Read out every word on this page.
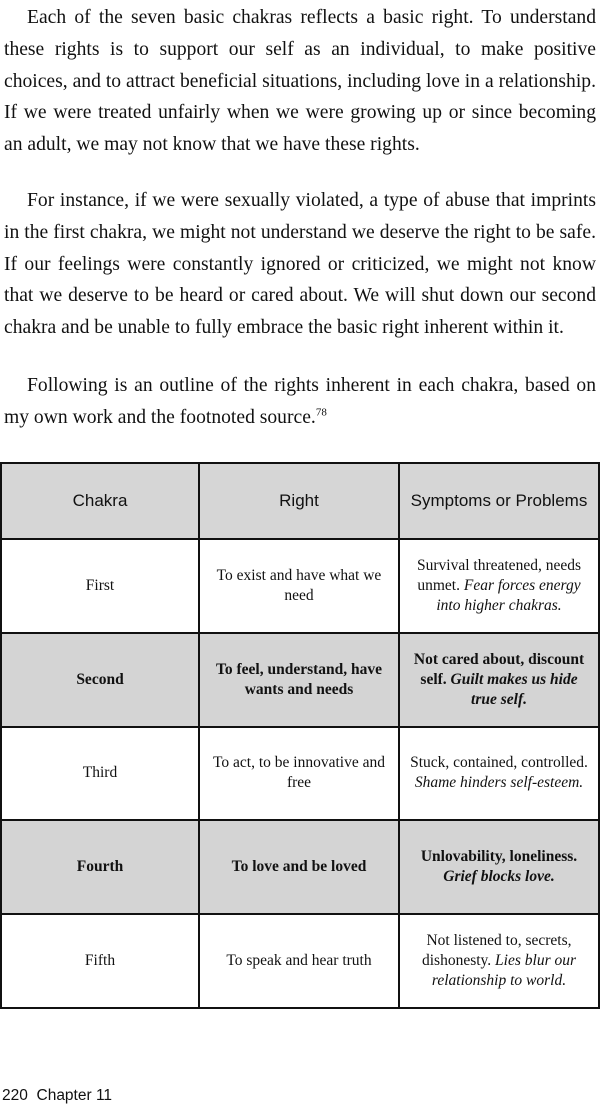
Each of the seven basic chakras reflects a basic right. To understand these rights is to support our self as an individual, to make positive choices, and to attract beneficial situations, including love in a relationship. If we were treated unfairly when we were growing up or since becoming an adult, we may not know that we have these rights.

For instance, if we were sexually violated, a type of abuse that imprints in the first chakra, we might not understand we deserve the right to be safe. If our feelings were constantly ignored or criticized, we might not know that we deserve to be heard or cared about. We will shut down our second chakra and be unable to fully embrace the basic right inherent within it.

Following is an outline of the rights inherent in each chakra, based on my own work and the footnoted source.$^{78}$

Chakra	Right	Symptoms or Problems
First	To exist and have what we need	Survival threatened, needs unmet. Fear forces energy into higher chakras.
Second	To feel, understand, have wants and needs	Not cared about, discount self. Guilt makes us hide true self.
Third	To act, to be innovative and free	Stuck, contained, controlled. Shame hinders self-esteem.
Fourth	To love and be loved	Unlovability, loneliness. Grief blocks love.
Fifth	To speak and hear truth	Not listened to, secrets, dishonesty. Lies blur our relationship to world.

220 Chapter 11
